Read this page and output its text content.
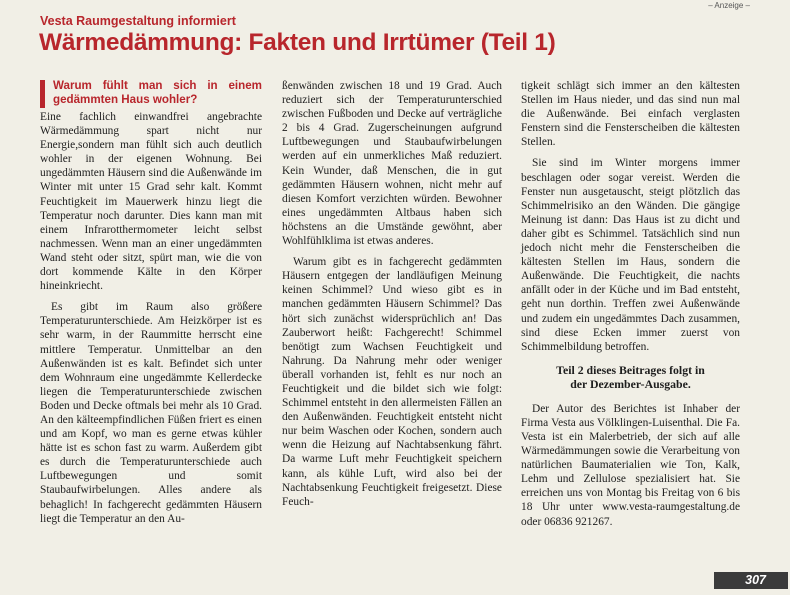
– Anzeige –
Vesta Raumgestaltung informiert
Wärmedämmung: Fakten und Irrtümer (Teil 1)
Warum fühlt man sich in einem gedämmten Haus wohler?

Eine fachlich einwandfrei angebrachte Wärmedämmung spart nicht nur Energie,sondern man fühlt sich auch deutlich wohler in der eigenen Wohnung. Bei ungedämmten Häusern sind die Außenwände im Winter mit unter 15 Grad sehr kalt. Kommt Feuchtigkeit im Mauerwerk hinzu liegt die Temperatur noch darunter. Dies kann man mit einem Infrarotthermometer leicht selbst nachmessen. Wenn man an einer ungedämmten Wand steht oder sitzt, spürt man, wie die von dort kommende Kälte in den Körper hineinkriecht.

Es gibt im Raum also größere Temperaturunterschiede. Am Heizkörper ist es sehr warm, in der Raummitte herrscht eine mittlere Temperatur. Unmittelbar an den Außenwänden ist es kalt. Befindet sich unter dem Wohnraum eine ungedämmte Kellerdecke liegen die Temperaturunterschiede zwischen Boden und Decke oftmals bei mehr als 10 Grad. An den kälteempfindlichen Füßen friert es einen und am Kopf, wo man es gerne etwas kühler hätte ist es schon fast zu warm. Außerdem gibt es durch die Temperaturunterschiede auch Luftbewegungen und somit Staubaufwirbelungen. Alles andere als behaglich! In fachgerecht gedämmten Häusern liegt die Temperatur an den Au-

ßenwänden zwischen 18 und 19 Grad. Auch reduziert sich der Temperaturunterschied zwischen Fußboden und Decke auf verträgliche 2 bis 4 Grad. Zugerscheinungen aufgrund Luftbewegungen und Staubaufwirbelungen werden auf ein unmerkliches Maß reduziert. Kein Wunder, daß Menschen, die in gut gedämmten Häusern wohnen, nicht mehr auf diesen Komfort verzichten würden. Bewohner eines ungedämmten Altbaus haben sich höchstens an die Umstände gewöhnt, aber Wohlfühlklima ist etwas anderes.

Warum gibt es in fachgerecht gedämmten Häusern entgegen der landläufigen Meinung keinen Schimmel? Und wieso gibt es in manchen gedämmten Häusern Schimmel? Das hört sich zunächst widersprüchlich an! Das Zauberwort heißt: Fachgerecht! Schimmel benötigt zum Wachsen Feuchtigkeit und Nahrung. Da Nahrung mehr oder weniger überall vorhanden ist, fehlt es nur noch an Feuchtigkeit und die bildet sich wie folgt: Schimmel entsteht in den allermeisten Fällen an den Außenwänden. Feuchtigkeit entsteht nicht nur beim Waschen oder Kochen, sondern auch wenn die Heizung auf Nachtabsenkung fährt. Da warme Luft mehr Feuchtigkeit speichern kann, als kühle Luft, wird also bei der Nachtabsenkung Feuchtigkeit freigesetzt. Diese Feuch-

tigkeit schlägt sich immer an den kältesten Stellen im Haus nieder, und das sind nun mal die Außenwände. Bei einfach verglasten Fenstern sind die Fensterscheiben die kältesten Stellen.

Sie sind im Winter morgens immer beschlagen oder sogar vereist. Werden die Fenster nun ausgetauscht, steigt plötzlich das Schimmelrisiko an den Wänden. Die gängige Meinung ist dann: Das Haus ist zu dicht und daher gibt es Schimmel. Tatsächlich sind nun jedoch nicht mehr die Fensterscheiben die kältesten Stellen im Haus, sondern die Außenwände. Die Feuchtigkeit, die nachts anfällt oder in der Küche und im Bad entsteht, geht nun dorthin. Treffen zwei Außenwände und zudem ein ungedämmtes Dach zusammen, sind diese Ecken immer zuerst von Schimmelbildung betroffen.

Teil 2 dieses Beitrages folgt in
der Dezember-Ausgabe.

Der Autor des Berichtes ist Inhaber der Firma Vesta aus Völklingen-Luisenthal. Die Fa. Vesta ist ein Malerbetrieb, der sich auf alle Wärmedämmungen sowie die Verarbeitung von natürlichen Baumaterialien wie Ton, Kalk, Lehm und Zellulose spezialisiert hat. Sie erreichen uns von Montag bis Freitag von 6 bis 18 Uhr unter www.vesta-raumgestaltung.de oder 06836 921267.

307
